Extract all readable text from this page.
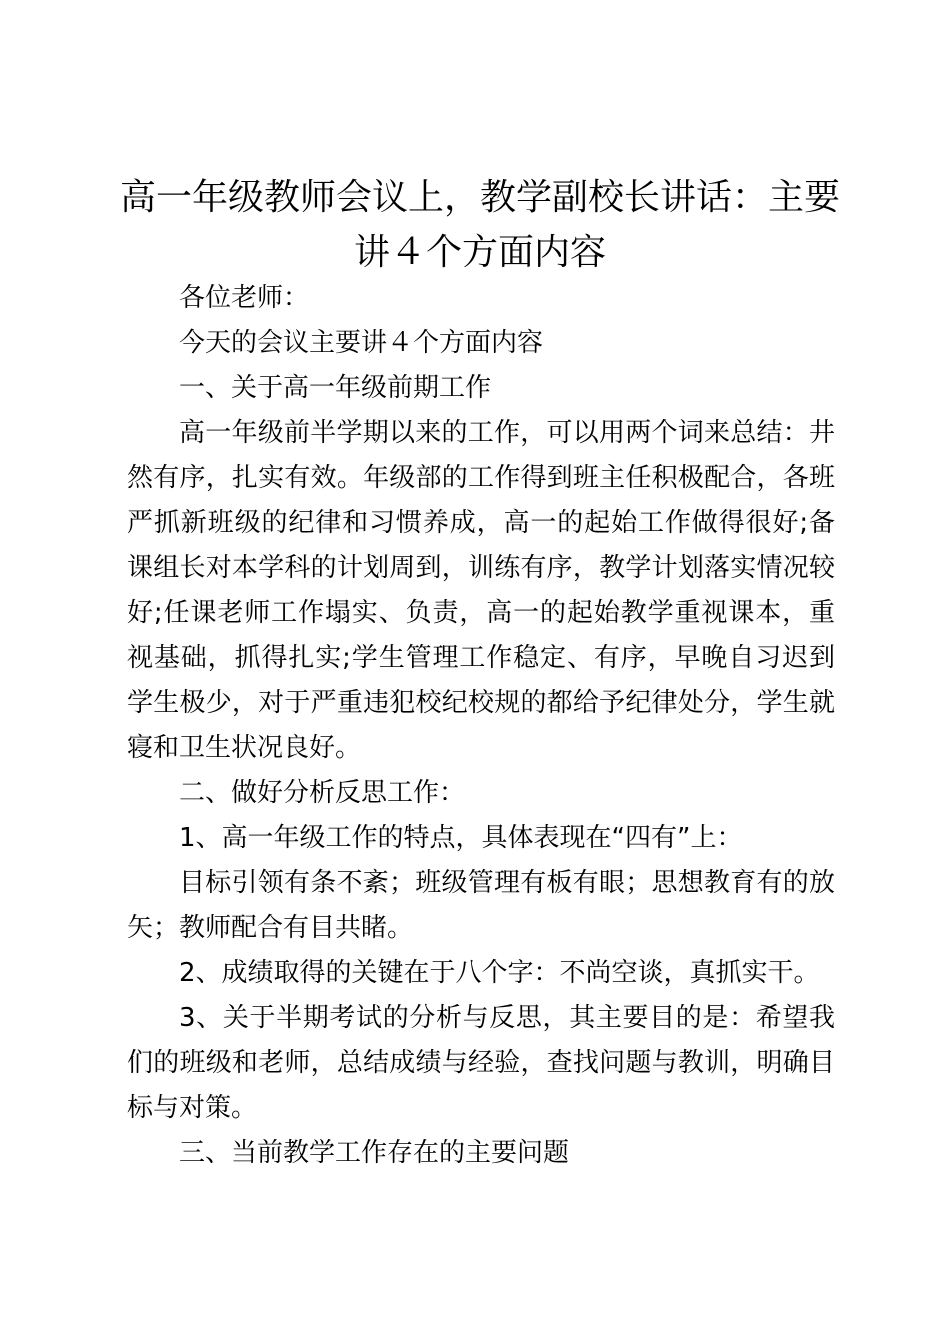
高一年级教师会议上，教学副校长讲话：主要讲４个方面内容

各位老师：

今天的会议主要讲４个方面内容

一、关于高一年级前期工作

高一年级前半学期以来的工作，可以用两个词来总结：井然有序，扎实有效。年级部的工作得到班主任积极配合，各班严抓新班级的纪律和习惯养成，高一的起始工作做得很好;备课组长对本学科的计划周到，训练有序，教学计划落实情况较好;任课老师工作塌实、负责，高一的起始教学重视课本，重视基础，抓得扎实;学生管理工作稳定、有序，早晚自习迟到学生极少，对于严重违犯校纪校规的都给予纪律处分，学生就寝和卫生状况良好。

二、做好分析反思工作：

1、高一年级工作的特点，具体表现在“四有”上：

目标引领有条不紊；班级管理有板有眼；思想教育有的放矢；教师配合有目共睹。

2、成绩取得的关键在于八个字：不尚空谈，真抓实干。

3、关于半期考试的分析与反思，其主要目的是：希望我们的班级和老师，总结成绩与经验，查找问题与教训，明确目标与对策。

三、当前教学工作存在的主要问题
